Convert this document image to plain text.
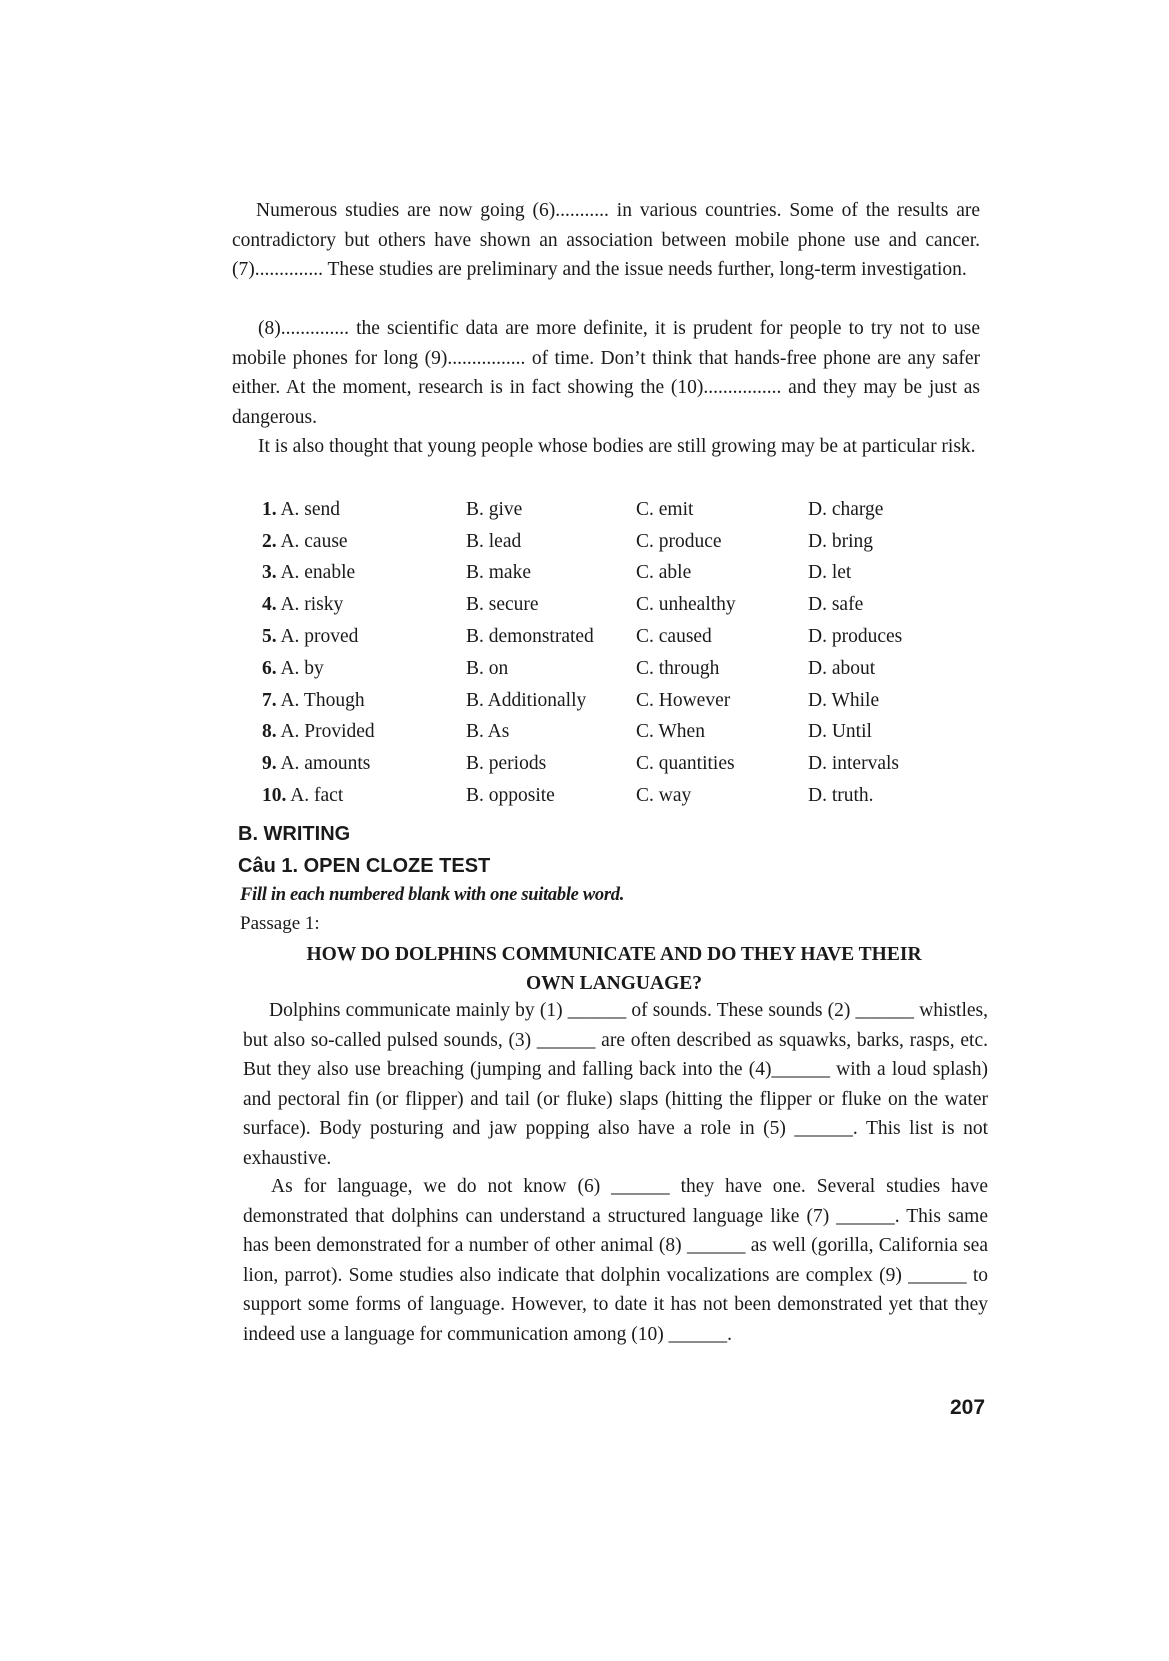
Numerous studies are now going (6)........... in various countries. Some of the results are contradictory but others have shown an association between mobile phone use and cancer. (7).............. These studies are preliminary and the issue needs further, long-term investigation.

(8).............. the scientific data are more definite, it is prudent for people to try not to use mobile phones for long (9)................ of time. Don’t think that hands-free phone are any safer either. At the moment, research is in fact showing the (10)................ and they may be just as dangerous.

It is also thought that young people whose bodies are still growing may be at particular risk.

1. A. send	B. give	C. emit	D. charge
2. A. cause	B. lead	C. produce	D. bring
3. A. enable	B. make	C. able	D. let
4. A. risky	B. secure	C. unhealthy	D. safe
5. A. proved	B. demonstrated	C. caused	D. produces
6. A. by	B. on	C. through	D. about
7. A. Though	B. Additionally	C. However	D. While
8. A. Provided	B. As	C. When	D. Until
9. A. amounts	B. periods	C. quantities	D. intervals
10. A. fact	B. opposite	C. way	D. truth.
B. WRITING
Câu 1. OPEN CLOZE TEST

Fill in each numbered blank with one suitable word.

Passage 1:

HOW DO DOLPHINS COMMUNICATE AND DO THEY HAVE THEIR
OWN LANGUAGE?

Dolphins communicate mainly by (1) ______ of sounds. These sounds (2) ______ whistles, but also so-called pulsed sounds, (3) ______ are often described as squawks, barks, rasps, etc. But they also use breaching (jumping and falling back into the (4)______ with a loud splash) and pectoral fin (or flipper) and tail (or fluke) slaps (hitting the flipper or fluke on the water surface). Body posturing and jaw popping also have a role in (5) ______. This list is not exhaustive.

As for language, we do not know (6) ______ they have one. Several studies have demonstrated that dolphins can understand a structured language like (7) ______. This same has been demonstrated for a number of other animal (8) ______ as well (gorilla, California sea lion, parrot). Some studies also indicate that dolphin vocalizations are complex (9) ______ to support some forms of language. However, to date it has not been demonstrated yet that they indeed use a language for communication among (10) ______.

207
